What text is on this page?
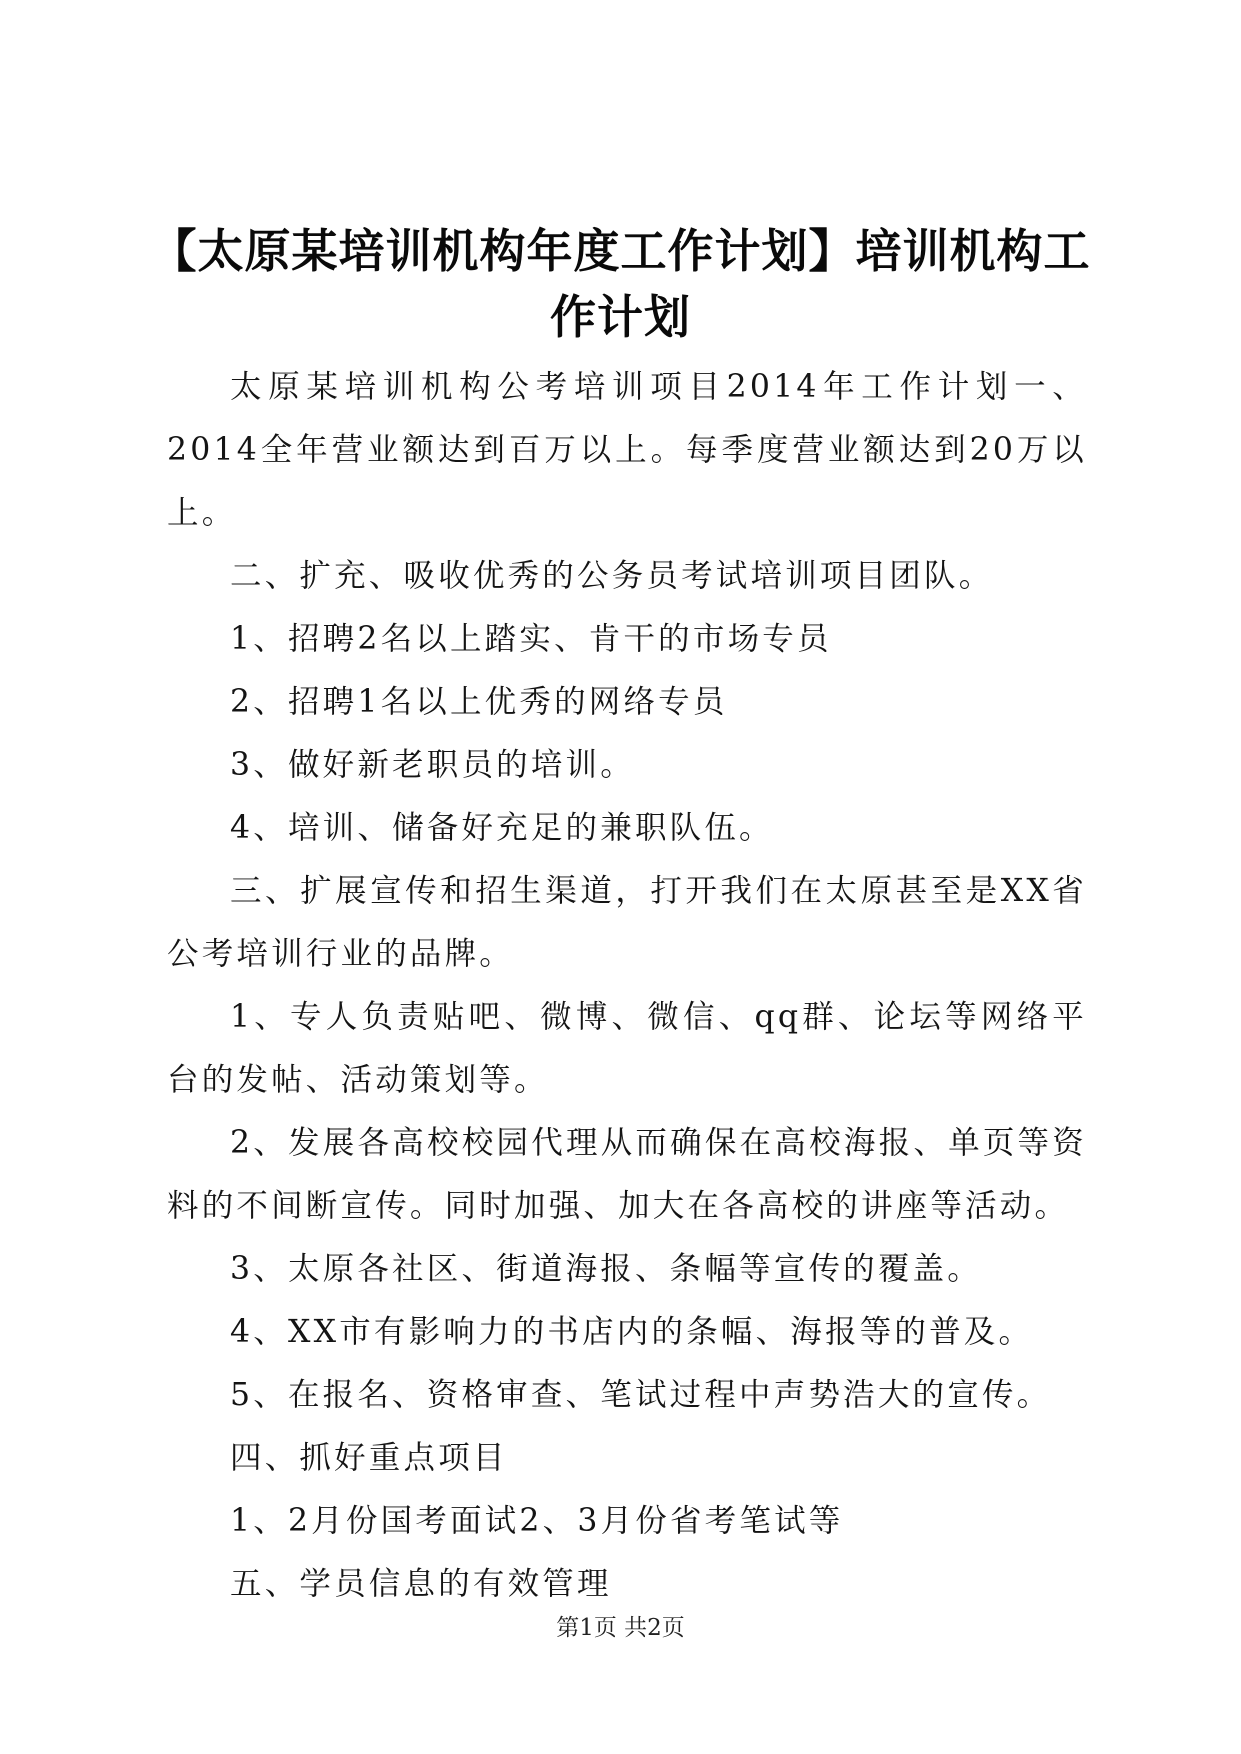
【太原某培训机构年度工作计划】培训机构工作计划

太原某培训机构公考培训项目2014年工作计划一、2014全年营业额达到百万以上。每季度营业额达到20万以上。

二、扩充、吸收优秀的公务员考试培训项目团队。

1、招聘2名以上踏实、肯干的市场专员

2、招聘1名以上优秀的网络专员

3、做好新老职员的培训。

4、培训、储备好充足的兼职队伍。

三、扩展宣传和招生渠道，打开我们在太原甚至是XX省公考培训行业的品牌。

1、专人负责贴吧、微博、微信、qq群、论坛等网络平台的发帖、活动策划等。

2、发展各高校校园代理从而确保在高校海报、单页等资料的不间断宣传。同时加强、加大在各高校的讲座等活动。

3、太原各社区、街道海报、条幅等宣传的覆盖。

4、XX市有影响力的书店内的条幅、海报等的普及。

5、在报名、资格审查、笔试过程中声势浩大的宣传。

四、抓好重点项目

1、2月份国考面试2、3月份省考笔试等

五、学员信息的有效管理

第1页 共2页
